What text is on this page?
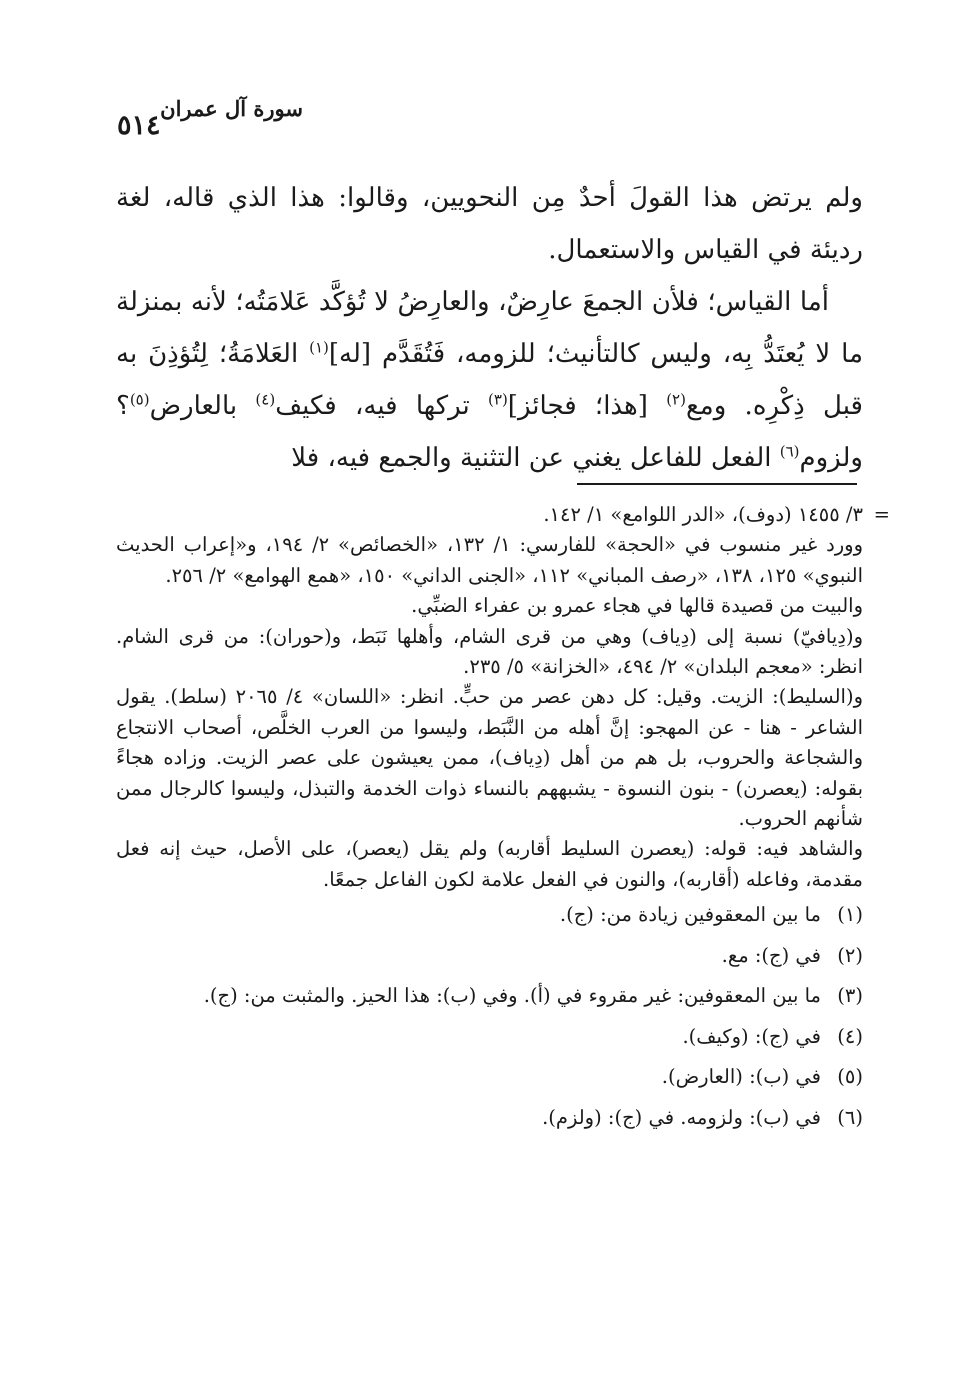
٥١٤
سورة آل عمران

ولم يرتض هذا القولَ أحدٌ مِن النحويين، وقالوا: هذا الذي قاله، لغة

رديئة في القياس والاستعمال.

أما القياس؛ فلأن الجمعَ عارِضٌ، والعارِضُ لا تُؤكَّد عَلامَتُه؛ لأنه بمنزلة ما لا يُعتَدُّ بِه، وليس كالتأنيث؛ للزومه، فَتُقَدَّم [له]$^{(١)}$ العَلامَةُ؛ لِتُؤذِنَ به قبل ذِكْرِه. ومع$^{(٢)}$ [هذا؛ فجائز]$^{(٣)}$ تركها فيه، فكيف$^{(٤)}$ بالعارض$^{(٥)}$؟ ولزوم$^{(٦)}$ الفعل للفاعل يغني عن التثنية والجمع فيه، فلا

=
٣/ ١٤٥٥ (دوف)، «الدر اللوامع» ١/ ١٤٢.

وورد غير منسوب في «الحجة» للفارسي: ١/ ١٣٢، «الخصائص» ٢/ ١٩٤، و«إعراب الحديث النبوي» ١٢٥، ١٣٨، «رصف المباني» ١١٢، «الجنى الداني» ١٥٠، «همع الهوامع» ٢/ ٢٥٦.

والبيت من قصيدة قالها في هجاء عمرو بن عفراء الضبِّي.

و(دِيافيّ) نسبة إلى (دِياف) وهي من قرى الشام، وأهلها نَبَط، و(حوران): من قرى الشام. انظر: «معجم البلدان» ٢/ ٤٩٤، «الخزانة» ٥/ ٢٣٥.

و(السليط): الزيت. وقيل: كل دهن عصر من حبٍّ. انظر: «اللسان» ٤/ ٢٠٦٥ (سلط). يقول الشاعر - هنا - عن المهجو: إنَّ أهله من النَّبَط، وليسوا من العرب الخلَّص، أصحاب الانتجاع والشجاعة والحروب، بل هم من أهل (دِياف)، ممن يعيشون على عصر الزيت. وزاده هجاءً بقوله: (يعصرن) - بنون النسوة - يشبههم بالنساء ذوات الخدمة والتبذل، وليسوا كالرجال ممن شأنهم الحروب.

والشاهد فيه: قوله: (يعصرن السليط أقاربه) ولم يقل (يعصر)، على الأصل، حيث إنه فعل مقدمة، وفاعله (أقاربه)، والنون في الفعل علامة لكون الفاعل جمعًا.

(١)
ما بين المعقوفين زيادة من: (ج).
(٢)
في (ج): مع.
(٣)
ما بين المعقوفين: غير مقروء في (أ). وفي (ب): هذا الحيز. والمثبت من: (ج).
(٤)
في (ج): (وكيف).
(٥)
في (ب): (العارض).
(٦)
في (ب): ولزومه. في (ج): (ولزم).
